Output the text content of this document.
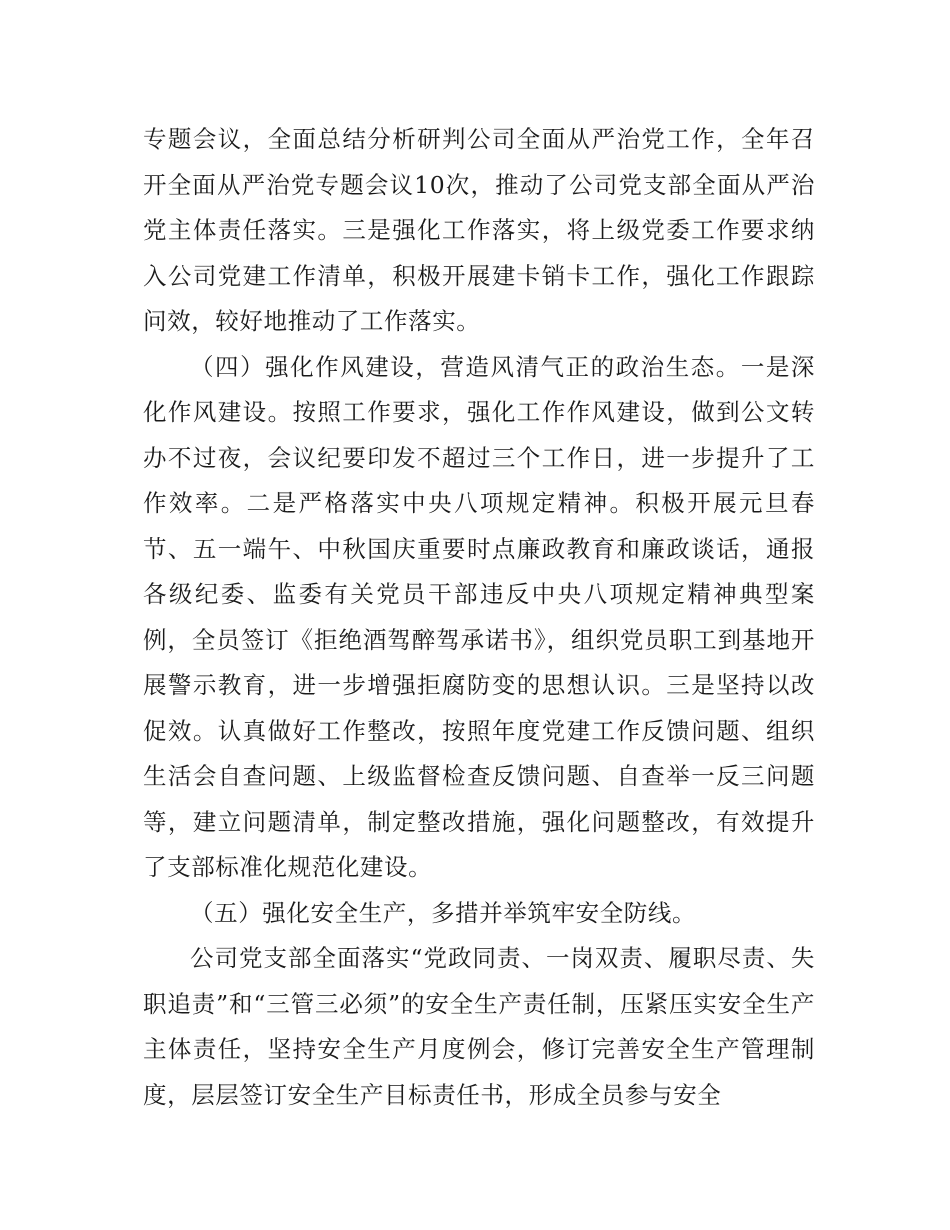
专题会议，全面总结分析研判公司全面从严治党工作，全年召开全面从严治党专题会议10次，推动了公司党支部全面从严治党主体责任落实。三是强化工作落实，将上级党委工作要求纳入公司党建工作清单，积极开展建卡销卡工作，强化工作跟踪问效，较好地推动了工作落实。

（四）强化作风建设，营造风清气正的政治生态。一是深化作风建设。按照工作要求，强化工作作风建设，做到公文转办不过夜，会议纪要印发不超过三个工作日，进一步提升了工作效率。二是严格落实中央八项规定精神。积极开展元旦春节、五一端午、中秋国庆重要时点廉政教育和廉政谈话，通报各级纪委、监委有关党员干部违反中央八项规定精神典型案例，全员签订《拒绝酒驾醉驾承诺书》，组织党员职工到基地开展警示教育，进一步增强拒腐防变的思想认识。三是坚持以改促效。认真做好工作整改，按照年度党建工作反馈问题、组织生活会自查问题、上级监督检查反馈问题、自查举一反三问题等，建立问题清单，制定整改措施，强化问题整改，有效提升了支部标准化规范化建设。

（五）强化安全生产，多措并举筑牢安全防线。

公司党支部全面落实“党政同责、一岗双责、履职尽责、失职追责”和“三管三必须”的安全生产责任制，压紧压实安全生产主体责任，坚持安全生产月度例会，修订完善安全生产管理制度，层层签订安全生产目标责任书，形成全员参与安全
